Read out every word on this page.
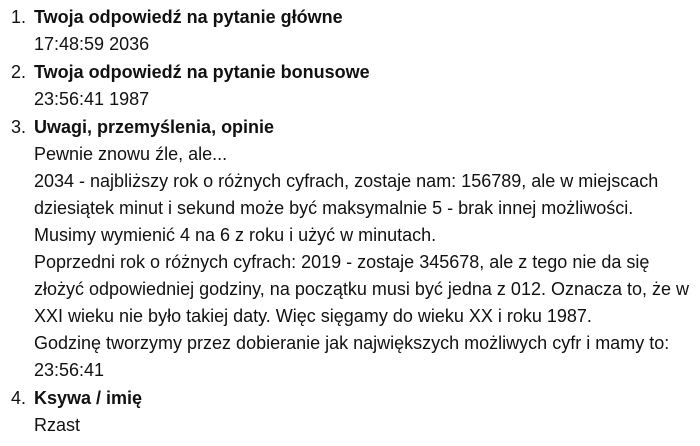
1. Twoja odpowiedź na pytanie główne

17:48:59 2036

2. Twoja odpowiedź na pytanie bonusowe

23:56:41 1987

3. Uwagi, przemyślenia, opinie

Pewnie znowu źle, ale...

2034 - najbliższy rok o różnych cyfrach, zostaje nam: 156789, ale w miejscach dziesiątek minut i sekund może być maksymalnie 5 - brak innej możliwości. Musimy wymienić 4 na 6 z roku i użyć w minutach.

Poprzedni rok o różnych cyfrach: 2019 - zostaje 345678, ale z tego nie da się złożyć odpowiedniej godziny, na początku musi być jedna z 012. Oznacza to, że w XXI wieku nie było takiej daty. Więc sięgamy do wieku XX i roku 1987.

Godzinę tworzymy przez dobieranie jak największych możliwych cyfr i mamy to: 23:56:41

4. Ksywa / imię

Rzast
